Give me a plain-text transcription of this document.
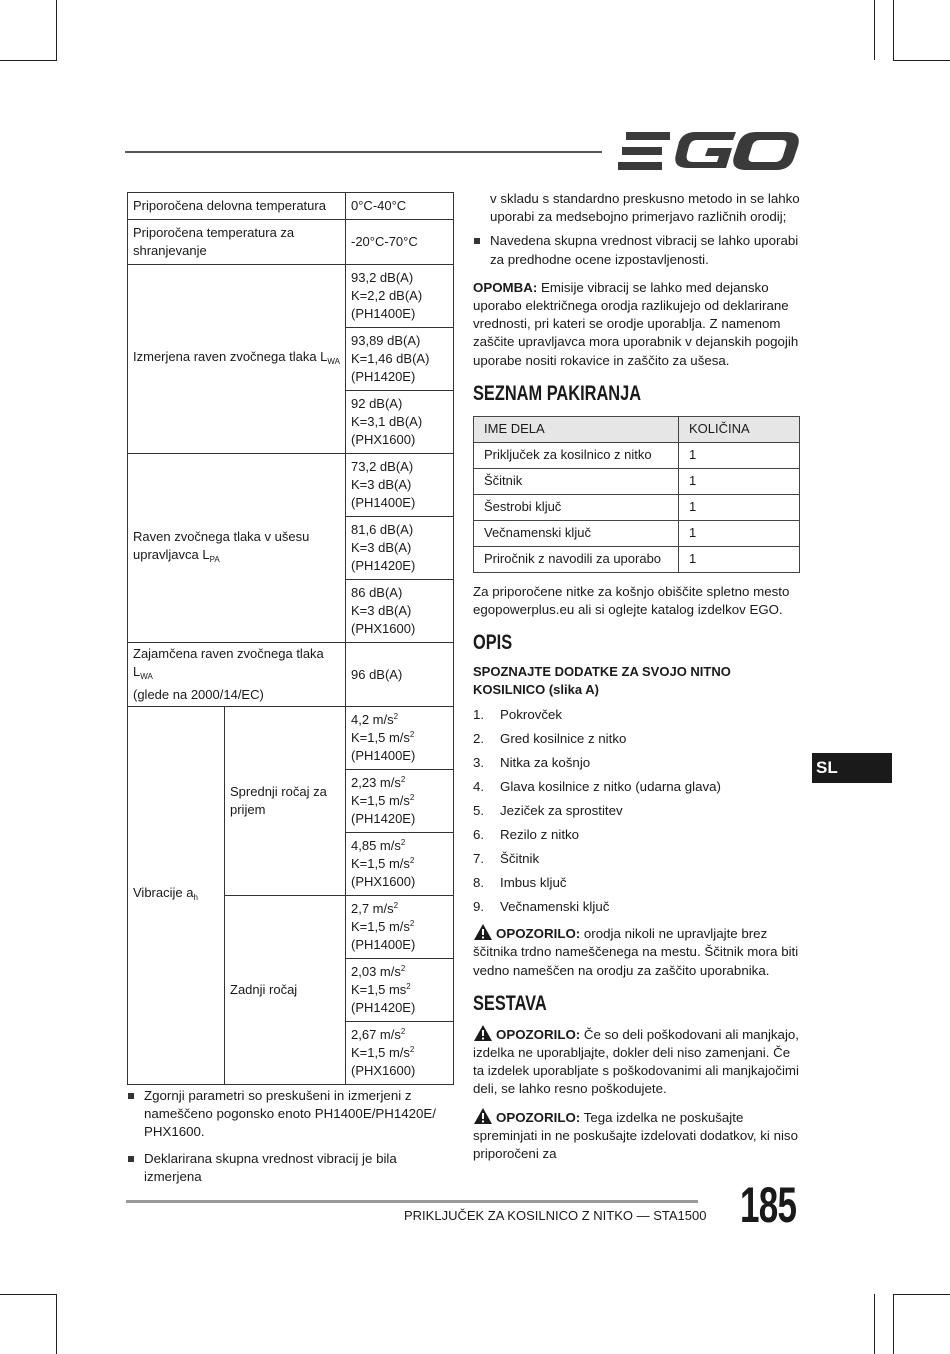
EGO
Priporočena delovna temperatura		0°C-40°C
Priporočena temperatura za shranjevanje		-20°C-70°C
Izmerjena raven zvočnega tlaka $L_{WA}$		93,2 dB(A)
K=2,2 dB(A)
(PH1400E)
		93,89 dB(A)
K=1,46 dB(A)
(PH1420E)
		92 dB(A)
K=3,1 dB(A)
(PHX1600)
Raven zvočnega tlaka v ušesu upravljavca $L_{PA}$		73,2 dB(A)
K=3 dB(A)
(PH1400E)
		81,6 dB(A)
K=3 dB(A)
(PH1420E)
		86 dB(A)
K=3 dB(A)
(PHX1600)
Zajamčena raven zvočnega tlaka $L_{WA}$
(glede na 2000/14/EC)		96 dB(A)
Vibracije $a_h$	Sprednji ročaj za prijem	4,2 $m/s^2$
K=1,5 $m/s^2$
(PH1400E)
		2,23 $m/s^2$
K=1,5 $m/s^2$
(PH1420E)
		4,85 $m/s^2$
K=1,5 $m/s^2$
(PHX1600)
	Zadnji ročaj	2,7 $m/s^2$
K=1,5 $m/s^2$
(PH1400E)
		2,03 $m/s^2$
K=1,5 $ms^2$
(PH1420E)
		2,67 $m/s^2$
K=1,5 $m/s^2$
(PHX1600)
Zgornji parametri so preskušeni in izmerjeni z nameščeno pogonsko enoto PH1400E/PH1420E/ PHX1600.
Deklarirana skupna vrednost vibracij je bila izmerjena

v skladu s standardno preskusno metodo in se lahko uporabi za medsebojno primerjavo različnih orodij;

Navedena skupna vrednost vibracij se lahko uporabi za predhodne ocene izpostavljenosti.

OPOMBA: Emisije vibracij se lahko med dejansko uporabo električnega orodja razlikujejo od deklarirane vrednosti, pri kateri se orodje uporablja. Z namenom zaščite upravljavca mora uporabnik v dejanskih pogojih uporabe nositi rokavice in zaščito za ušesa.

SEZNAM PAKIRANJA
IME DELA	KOLIČINA
Priključek za kosilnico z nitko	1
Ščitnik	1
Šestrobi ključ	1
Večnamenski ključ	1
Priročnik z navodili za uporabo	1

Za priporočene nitke za košnjo obiščite spletno mesto egopowerplus.eu ali si oglejte katalog izdelkov EGO.

OPIS

SPOZNAJTE DODATKE ZA SVOJO NITNO KOSILNICO (slika A)

1. Pokrovček
2. Gred kosilnice z nitko
3. Nitka za košnjo
4. Glava kosilnice z nitko (udarna glava)
5. Jeziček za sprostitev
6. Rezilo z nitko
7. Ščitnik
8. Imbus ključ
9. Večnamenski ključ

OPOZORILO: orodja nikoli ne upravljajte brez ščitnika trdno nameščenega na mestu. Ščitnik mora biti vedno nameščen na orodju za zaščito uporabnika.

SESTAVA

OPOZORILO: Če so deli poškodovani ali manjkajo, izdelka ne uporabljajte, dokler deli niso zamenjani. Če ta izdelek uporabljate s poškodovanimi ali manjkajočimi deli, se lahko resno poškodujete.

OPOZORILO: Tega izdelka ne poskušajte spreminjati in ne poskušajte izdelovati dodatkov, ki niso priporočeni za

SL
PRIKLJUČEK ZA KOSILNICO Z NITKO — STA1500 185
